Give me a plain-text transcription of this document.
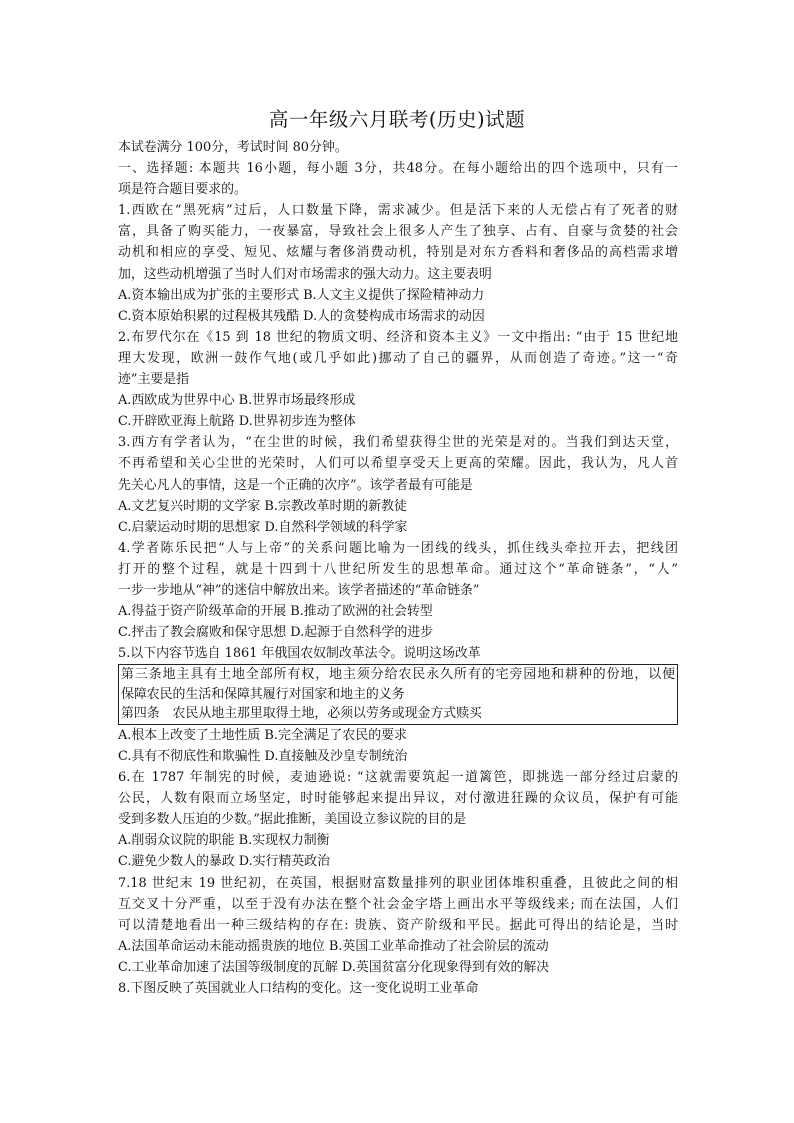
高一年级六月联考(历史)试题
本试卷满分 100分，考试时间 80分钟。
一、选择题: 本题共 16小题，每小题 3分，共48分。在每小题给出的四个选项中，只有一
项是符合题目要求的。
1.西欧在“黑死病”过后，人口数量下降，需求减少。但是活下来的人无偿占有了死者的财
富，具备了购买能力，一夜暴富，导致社会上很多人产生了独享、占有、自豪与贪婪的社会
动机和相应的享受、短见、炫耀与奢侈消费动机，特别是对东方香料和奢侈品的高档需求增
加，这些动机增强了当时人们对市场需求的强大动力。这主要表明
A.资本输出成为扩张的主要形式 B.人文主义提供了探险精神动力
C.资本原始积累的过程极其残酷 D.人的贪婪构成市场需求的动因
2.布罗代尔在《15 到 18 世纪的物质文明、经济和资本主义》一文中指出: “由于 15 世纪地
理大发现，欧洲一鼓作气地(或几乎如此)挪动了自己的疆界，从而创造了奇迹。”这一“奇
迹”主要是指
A.西欧成为世界中心 B.世界市场最终形成
C.开辟欧亚海上航路 D.世界初步连为整体
3.西方有学者认为，“在尘世的时候，我们希望获得尘世的光荣是对的。当我们到达天堂，
不再希望和关心尘世的光荣时，人们可以希望享受天上更高的荣耀。因此，我认为，凡人首
先关心凡人的事情，这是一个正确的次序”。该学者最有可能是
A.文艺复兴时期的文学家 B.宗教改革时期的新教徒
C.启蒙运动时期的思想家 D.自然科学领域的科学家
4.学者陈乐民把“人与上帝”的关系问题比喻为一团线的线头，抓住线头牵拉开去，把线团
打开的整个过程，就是十四到十八世纪所发生的思想革命。通过这个“革命链条”，“人”
一步一步地从“神”的迷信中解放出来。该学者描述的“革命链条”
A.得益于资产阶级革命的开展 B.推动了欧洲的社会转型
C.抨击了教会腐败和保守思想 D.起源于自然科学的进步
5.以下内容节选自 1861 年俄国农奴制改革法令。说明这场改革
第三条地主具有土地全部所有权，地主须分给农民永久所有的宅旁园地和耕种的份地，以便
保障农民的生活和保障其履行对国家和地主的义务
第四条　农民从地主那里取得土地，必须以劳务或现金方式赎买
A.根本上改变了土地性质 B.完全满足了农民的要求
C.具有不彻底性和欺骗性 D.直接触及沙皇专制统治
6.在 1787 年制宪的时候，麦迪逊说: “这就需要筑起一道篱笆，即挑选一部分经过启蒙的
公民，人数有限而立场坚定，时时能够起来提出异议，对付激进狂躁的众议员，保护有可能
受到多数人压迫的少数。”据此推断，美国设立参议院的目的是
A.削弱众议院的职能 B.实现权力制衡
C.避免少数人的暴政 D.实行精英政治
7.18 世纪末 19 世纪初，在英国，根据财富数量排列的职业团体堆积重叠，且彼此之间的相
互交叉十分严重，以至于没有办法在整个社会金字塔上画出水平等级线来; 而在法国，人们
可以清楚地看出一种三级结构的存在: 贵族、资产阶级和平民。据此可得出的结论是，当时
A.法国革命运动未能动摇贵族的地位 B.英国工业革命推动了社会阶层的流动
C.工业革命加速了法国等级制度的瓦解 D.英国贫富分化现象得到有效的解决
8.下图反映了英国就业人口结构的变化。这一变化说明工业革命
